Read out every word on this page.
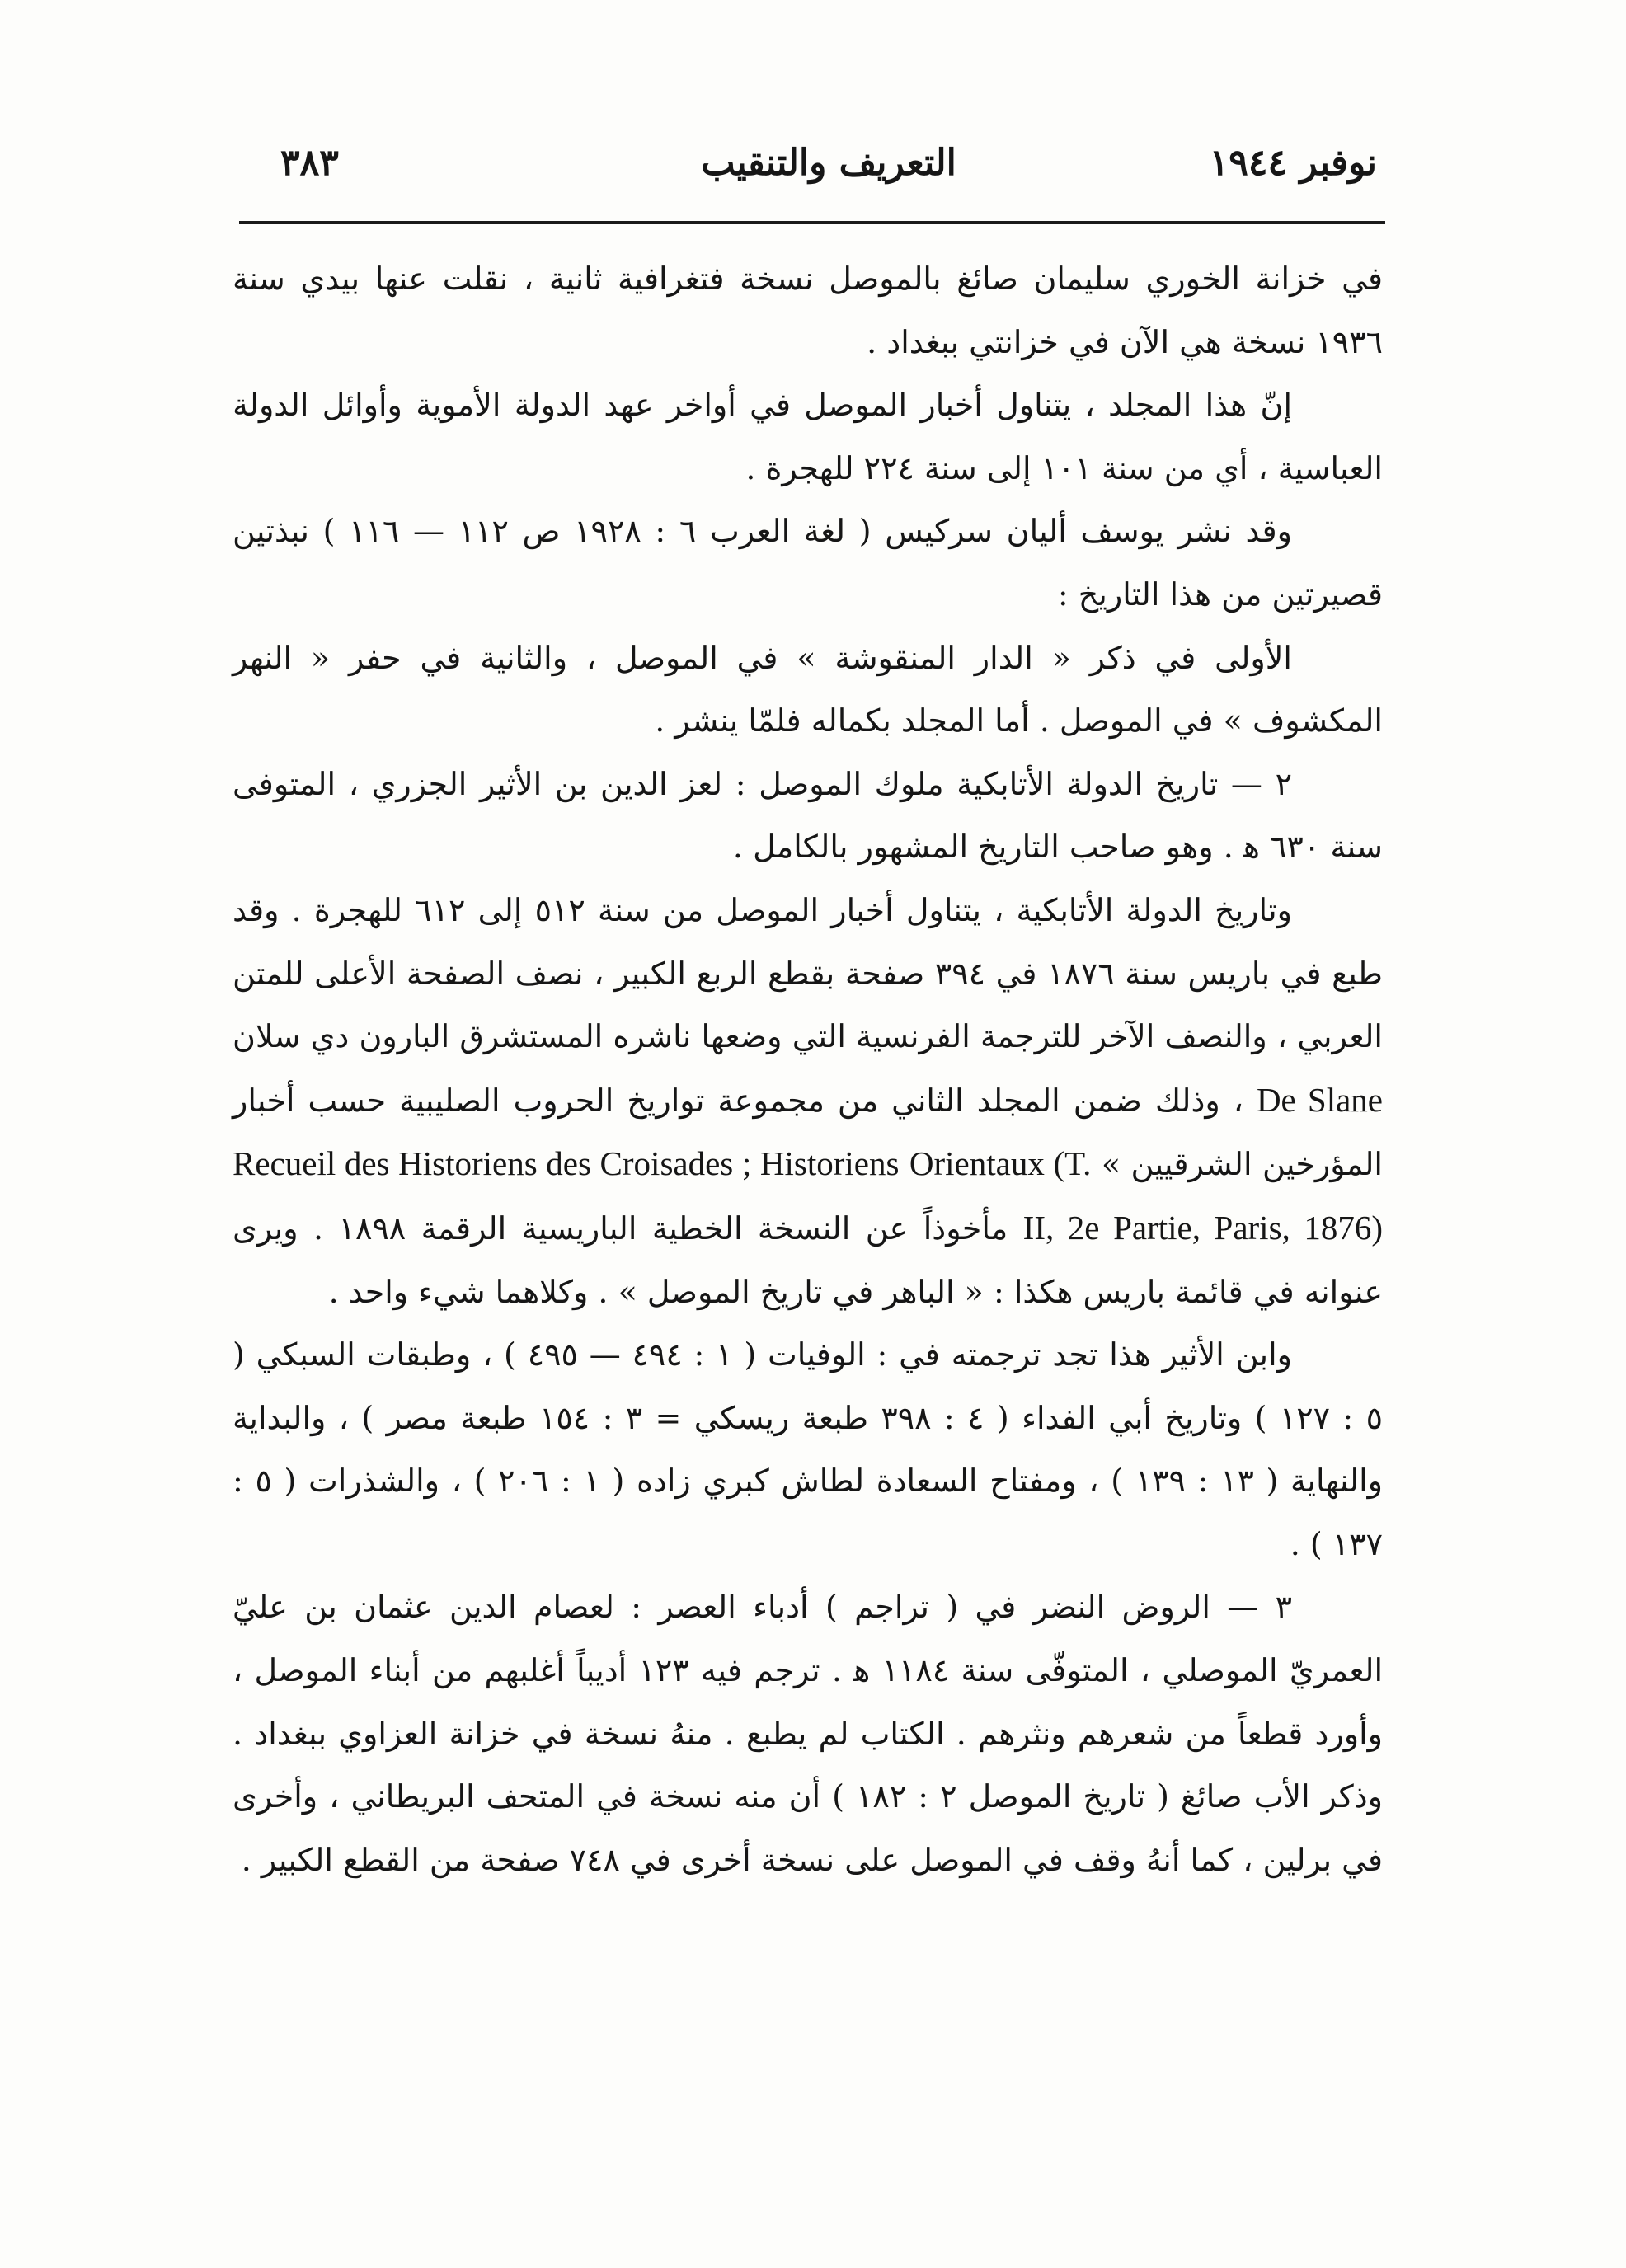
نوفبر ١٩٤٤
التعريف والتنقيب
٣٨٣

في خزانة الخوري سليمان صائغ بالموصل نسخة فتغرافية ثانية ، نقلت عنها بيدي سنة ١٩٣٦ نسخة هي الآن في خزانتي ببغداد .

إنّ هذا المجلد ، يتناول أخبار الموصل في أواخر عهد الدولة الأموية وأوائل الدولة العباسية ، أي من سنة ١٠١ إلى سنة ٢٢٤ للهجرة .

وقد نشر يوسف أليان سركيس ( لغة العرب ٦ : ١٩٢٨ ص ١١٢ — ١١٦ ) نبذتين قصيرتين من هذا التاريخ :

الأولى في ذكر « الدار المنقوشة » في الموصل ، والثانية في حفر « النهر المكشوف » في الموصل . أما المجلد بكماله فلمّا ينشر .

٢ — تاريخ الدولة الأتابكية ملوك الموصل : لعز الدين بن الأثير الجزري ، المتوفى سنة ٦٣٠ ﻫ . وهو صاحب التاريخ المشهور بالكامل .

وتاريخ الدولة الأتابكية ، يتناول أخبار الموصل من سنة ٥١٢ إلى ٦١٢ للهجرة . وقد طبع في باريس سنة ١٨٧٦ في ٣٩٤ صفحة بقطع الربع الكبير ، نصف الصفحة الأعلى للمتن العربي ، والنصف الآخر للترجمة الفرنسية التي وضعها ناشره المستشرق البارون دي سلان De Slane ، وذلك ضمن المجلد الثاني من مجموعة تواريخ الحروب الصليبية حسب أخبار المؤرخين الشرقيين » Recueil des Historiens des Croisades ; Historiens Orientaux (T. II, 2e Partie, Paris, 1876) مأخوذاً عن النسخة الخطية الباريسية الرقمة ١٨٩٨ . ويرى عنوانه في قائمة باريس هكذا : « الباهر في تاريخ الموصل » . وكلاهما شيء واحد .

وابن الأثير هذا تجد ترجمته في : الوفيات ( ١ : ٤٩٤ — ٤٩٥ ) ، وطبقات السبكي ( ٥ : ١٢٧ ) وتاريخ أبي الفداء ( ٤ : ٣٩٨ طبعة ريسكي = ٣ : ١٥٤ طبعة مصر ) ، والبداية والنهاية ( ١٣ : ١٣٩ ) ، ومفتاح السعادة لطاش كبري زاده ( ١ : ٢٠٦ ) ، والشذرات ( ٥ : ١٣٧ ) .

٣ — الروض النضر في ( تراجم ) أدباء العصر : لعصام الدين عثمان بن عليّ العمريّ الموصلي ، المتوفّى سنة ١١٨٤ ﻫ . ترجم فيه ١٢٣ أديباً أغلبهم من أبناء الموصل ، وأورد قطعاً من شعرهم ونثرهم . الكتاب لم يطبع . منهُ نسخة في خزانة العزاوي ببغداد . وذكر الأب صائغ ( تاريخ الموصل ٢ : ١٨٢ ) أن منه نسخة في المتحف البريطاني ، وأخرى في برلين ، كما أنهُ وقف في الموصل على نسخة أخرى في ٧٤٨ صفحة من القطع الكبير .
